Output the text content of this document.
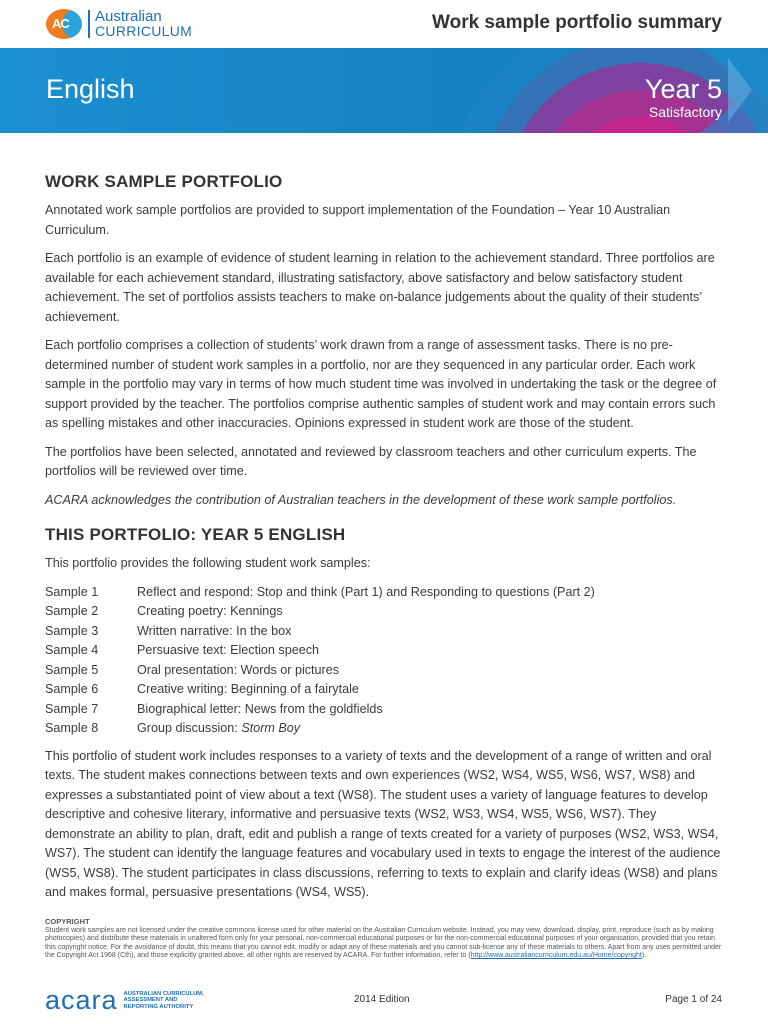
AC Australian
CURRICULUM	Work sample portfolio summary
English	Year 5
Satisfactory
WORK SAMPLE PORTFOLIO

Annotated work sample portfolios are provided to support implementation of the Foundation – Year 10 Australian Curriculum.

Each portfolio is an example of evidence of student learning in relation to the achievement standard. Three portfolios are available for each achievement standard, illustrating satisfactory, above satisfactory and below satisfactory student achievement. The set of portfolios assists teachers to make on-balance judgements about the quality of their students’ achievement.

Each portfolio comprises a collection of students’ work drawn from a range of assessment tasks. There is no pre-determined number of student work samples in a portfolio, nor are they sequenced in any particular order. Each work sample in the portfolio may vary in terms of how much student time was involved in undertaking the task or the degree of support provided by the teacher. The portfolios comprise authentic samples of student work and may contain errors such as spelling mistakes and other inaccuracies. Opinions expressed in student work are those of the student.

The portfolios have been selected, annotated and reviewed by classroom teachers and other curriculum experts. The portfolios will be reviewed over time.

ACARA acknowledges the contribution of Australian teachers in the development of these work sample portfolios.

THIS PORTFOLIO: YEAR 5 ENGLISH

This portfolio provides the following student work samples:

Sample 1	Reflect and respond: Stop and think (Part 1) and Responding to questions (Part 2)
Sample 2	Creating poetry: Kennings
Sample 3	Written narrative: In the box
Sample 4	Persuasive text: Election speech
Sample 5	Oral presentation: Words or pictures
Sample 6	Creative writing: Beginning of a fairytale
Sample 7	Biographical letter: News from the goldfields
Sample 8	Group discussion: Storm Boy

This portfolio of student work includes responses to a variety of texts and the development of a range of written and oral texts. The student makes connections between texts and own experiences (WS2, WS4, WS5, WS6, WS7, WS8) and expresses a substantiated point of view about a text (WS8). The student uses a variety of language features to develop descriptive and cohesive literary, informative and persuasive texts (WS2, WS3, WS4, WS5, WS6, WS7). They demonstrate an ability to plan, draft, edit and publish a range of texts created for a variety of purposes (WS2, WS3, WS4, WS7). The student can identify the language features and vocabulary used in texts to engage the interest of the audience (WS5, WS8). The student participates in class discussions, referring to texts to explain and clarify ideas (WS8) and plans and makes formal, persuasive presentations (WS4, WS5).

COPYRIGHT
Student work samples are not licensed under the creative commons license used for other material on the Australian Curriculum website. Instead, you may view, download, display, print, reproduce (such as by making photocopies) and distribute these materials in unaltered form only for your personal, non-commercial educational purposes or for the non-commercial educational purposes of your organisation, provided that you retain this copyright notice. For the avoidance of doubt, this means that you cannot edit, modify or adapt any of these materials and you cannot sub-license any of these materials to others. Apart from any uses permitted under the Copyright Act 1968 (Cth), and those explicitly granted above, all other rights are reserved by ACARA. For further information, refer to (http://www.australiancurriculum.edu.au/Home/copyright).
acara AUSTRALIAN CURRICULUM,
ASSESSMENT AND
REPORTING AUTHORITY
2014 Edition	Page 1 of 24
